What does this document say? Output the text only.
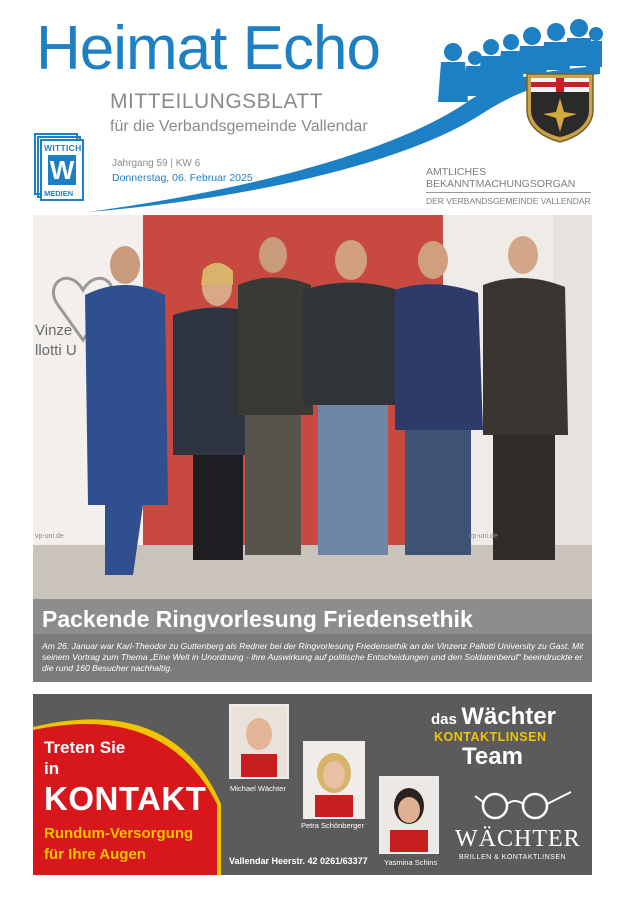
Heimat Echo
MITTEILUNGSBLATT
für die Verbandsgemeinde Vallendar
Jahrgang 59 | KW 6
Donnerstag, 06. Februar 2025	AMTLICHES
BEKANNTMACHUNGSORGAN
DER VERBANDSGEMEINDE VALLENDAR
WITTICH
W
MEDIEN
Vinze
llotti U
vp-uni.de	vp-uni.de
Packende Ringvorlesung Friedensethik
Am 26. Januar war Karl-Theodor zu Guttenberg als Redner bei der Ringvorlesung Friedensethik an der Vinzenz Pallotti University zu Gast. Mit seinem Vortrag zum Thema „Eine Welt in Unordnung - ihre Auswirkung auf politische Entscheidungen und den Soldatenberuf“ beeindruckte er die rund 160 Besucher nachhaltig.
Michael Wächter
Petra Schönberger
Yasmina Schins
Treten Sie
in
KONTAKT
Rundum-Versorgung
für Ihre Augen	Vallendar Heerstr. 42 0261/63377
das Wächter
KONTAKTLINSEN
Team
WÄCHTER
BRILLEN & KONTAKTLINSEN
